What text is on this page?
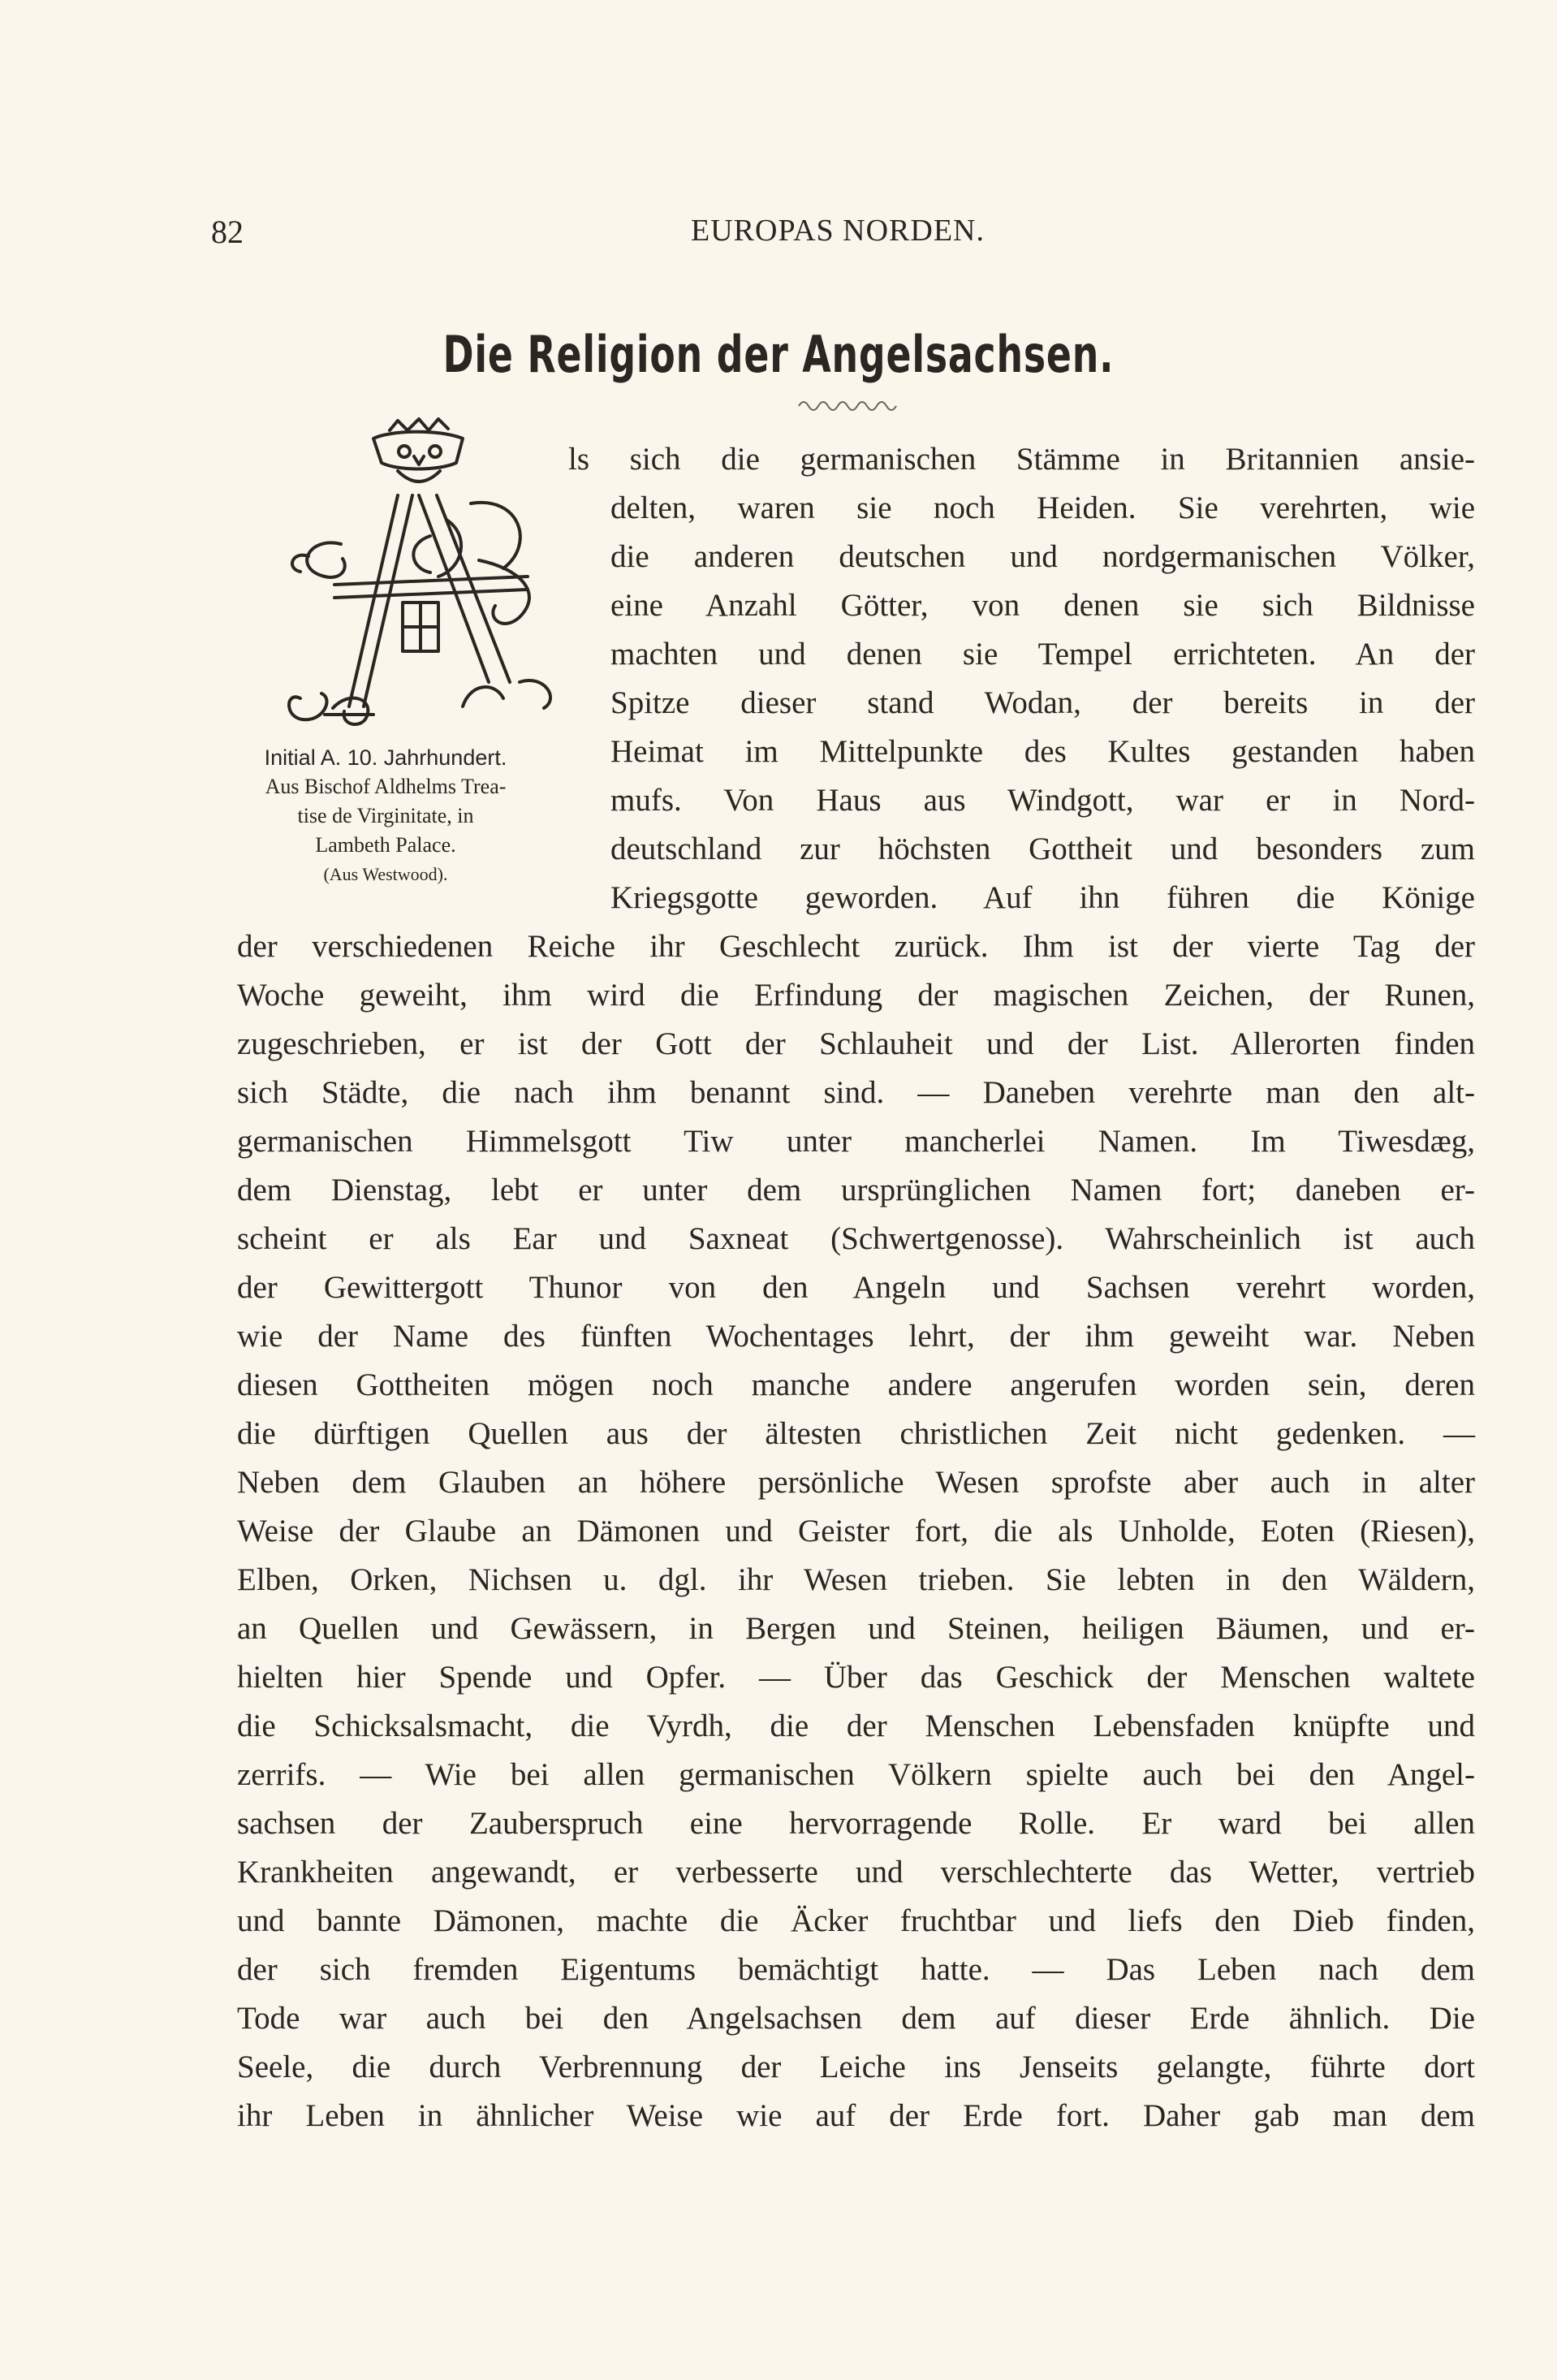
82	EUROPAS NORDEN.
Die Religion der Angelsachsen.
Initial A. 10. Jahrhundert.
Aus Bischof Aldhelms Trea-
tise de Virginitate, in
Lambeth Palace.
(Aus Westwood).
ls sich die germanischen Stämme in Britannien ansie-
delten, waren sie noch Heiden. Sie verehrten, wie
die anderen deutschen und nordgermanischen Völker,
eine Anzahl Götter, von denen sie sich Bildnisse
machten und denen sie Tempel errichteten. An der
Spitze dieser stand Wodan, der bereits in der
Heimat im Mittelpunkte des Kultes gestanden haben
mufs. Von Haus aus Windgott, war er in Nord-
deutschland zur höchsten Gottheit und besonders zum
Kriegsgotte geworden. Auf ihn führen die Könige
der verschiedenen Reiche ihr Geschlecht zurück. Ihm ist der vierte Tag der
Woche geweiht, ihm wird die Erfindung der magischen Zeichen, der Runen,
zugeschrieben, er ist der Gott der Schlauheit und der List. Allerorten finden
sich Städte, die nach ihm benannt sind. — Daneben verehrte man den alt-
germanischen Himmelsgott Tiw unter mancherlei Namen. Im Tiwesdæg,
dem Dienstag, lebt er unter dem ursprünglichen Namen fort; daneben er-
scheint er als Ear und Saxneat (Schwertgenosse). Wahrscheinlich ist auch
der Gewittergott Thunor von den Angeln und Sachsen verehrt worden,
wie der Name des fünften Wochentages lehrt, der ihm geweiht war. Neben
diesen Gottheiten mögen noch manche andere angerufen worden sein, deren
die dürftigen Quellen aus der ältesten christlichen Zeit nicht gedenken. —
Neben dem Glauben an höhere persönliche Wesen sprofste aber auch in alter
Weise der Glaube an Dämonen und Geister fort, die als Unholde, Eoten (Riesen),
Elben, Orken, Nichsen u. dgl. ihr Wesen trieben. Sie lebten in den Wäldern,
an Quellen und Gewässern, in Bergen und Steinen, heiligen Bäumen, und er-
hielten hier Spende und Opfer. — Über das Geschick der Menschen waltete
die Schicksalsmacht, die Vyrdh, die der Menschen Lebensfaden knüpfte und
zerrifs. — Wie bei allen germanischen Völkern spielte auch bei den Angel-
sachsen der Zauberspruch eine hervorragende Rolle. Er ward bei allen
Krankheiten angewandt, er verbesserte und verschlechterte das Wetter, vertrieb
und bannte Dämonen, machte die Äcker fruchtbar und liefs den Dieb finden,
der sich fremden Eigentums bemächtigt hatte. — Das Leben nach dem
Tode war auch bei den Angelsachsen dem auf dieser Erde ähnlich. Die
Seele, die durch Verbrennung der Leiche ins Jenseits gelangte, führte dort
ihr Leben in ähnlicher Weise wie auf der Erde fort. Daher gab man dem
